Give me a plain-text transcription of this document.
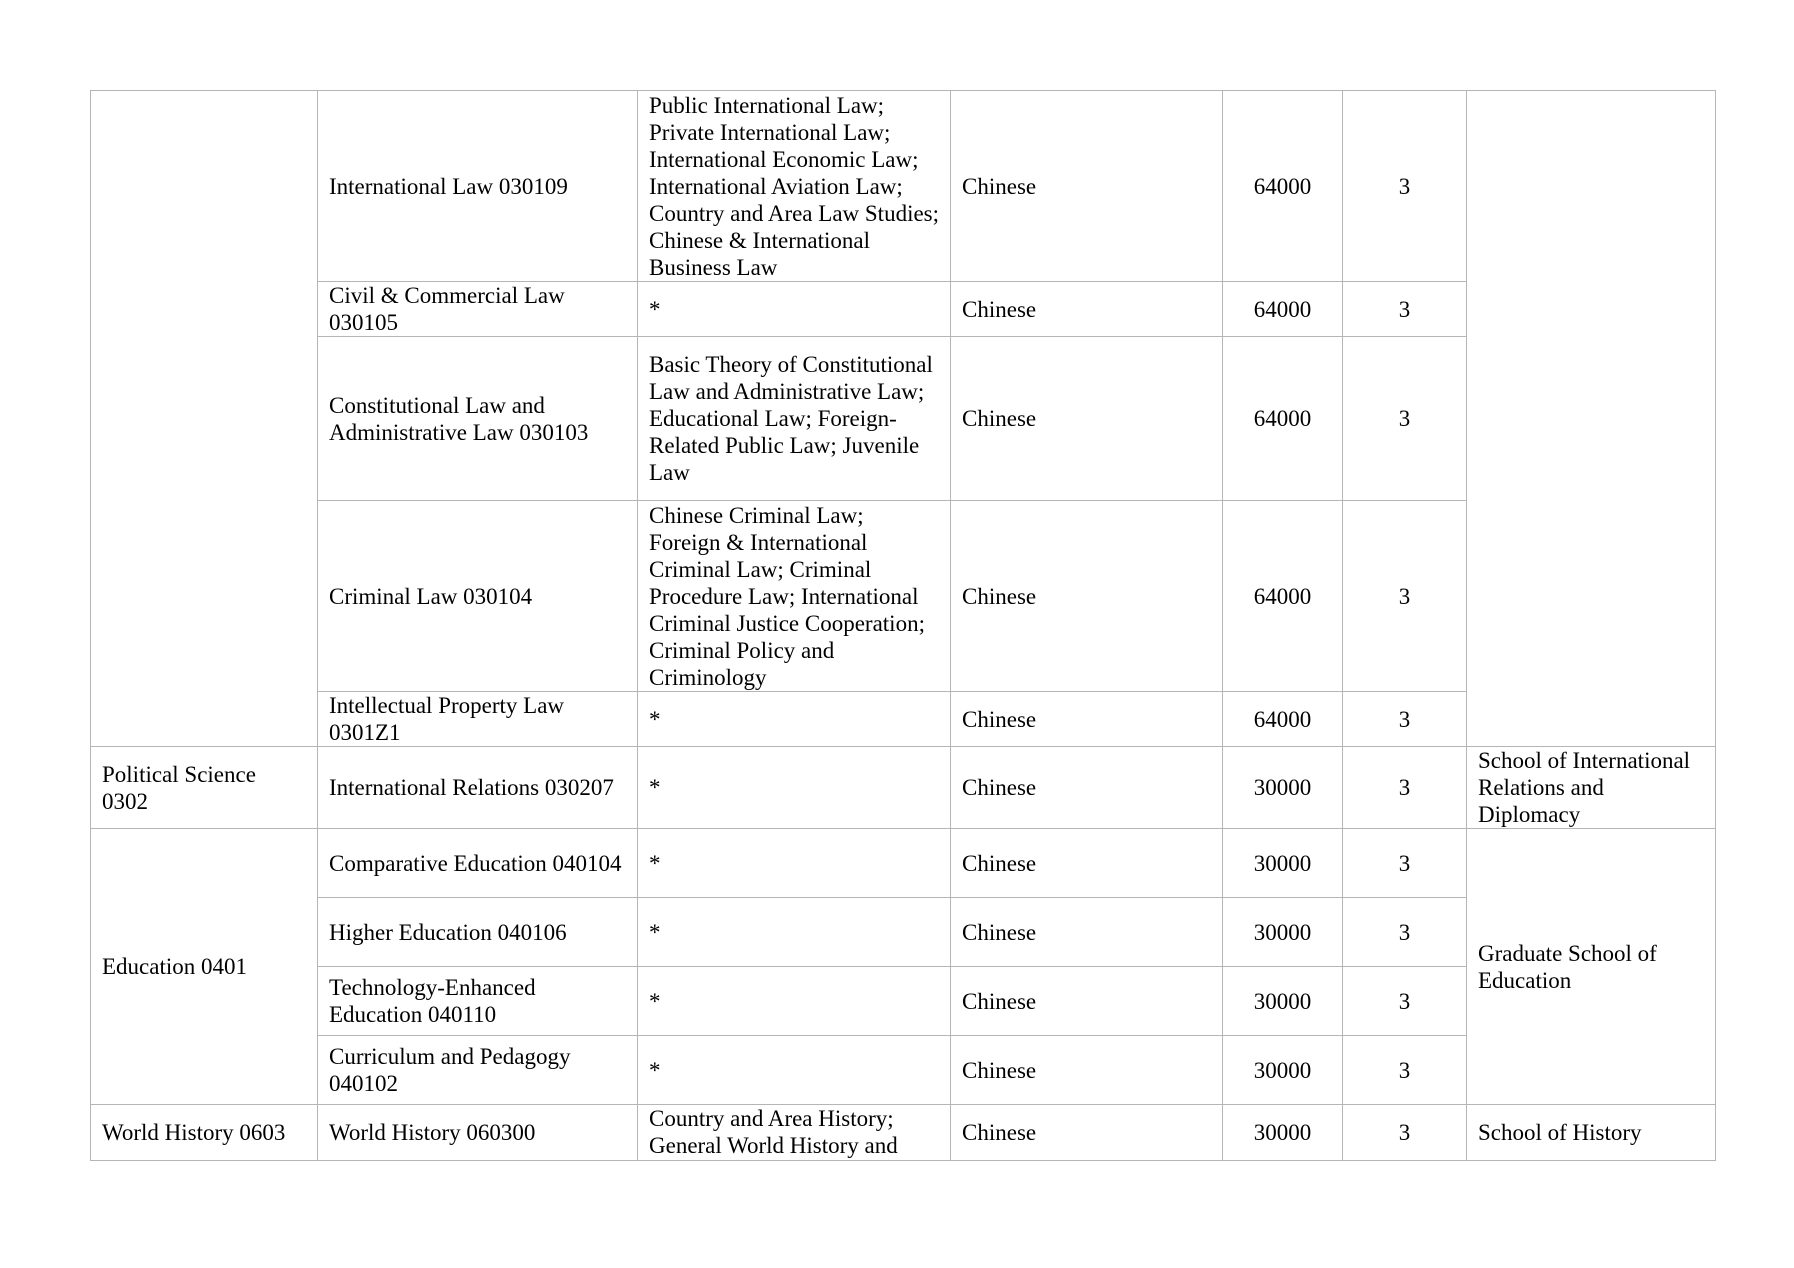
	International Law 030109	Public International Law; Private International Law; International Economic Law; International Aviation Law; Country and Area Law Studies; Chinese & International Business Law	Chinese	64000	3	
	Civil & Commercial Law 030105	*	Chinese	64000	3	
	Constitutional Law and Administrative Law 030103	Basic Theory of Constitutional Law and Administrative Law; Educational Law; Foreign-Related Public Law; Juvenile Law	Chinese	64000	3	
	Criminal Law 030104	Chinese Criminal Law; Foreign & International Criminal Law; Criminal Procedure Law; International Criminal Justice Cooperation; Criminal Policy and Criminology	Chinese	64000	3	
	Intellectual Property Law 0301Z1	*	Chinese	64000	3	
Political Science 0302	International Relations 030207	*	Chinese	30000	3	School of International Relations and Diplomacy
Education 0401	Comparative Education 040104	*	Chinese	30000	3	Graduate School of Education
	Higher Education 040106	*	Chinese	30000	3	
	Technology-Enhanced Education 040110	*	Chinese	30000	3	
	Curriculum and Pedagogy 040102	*	Chinese	30000	3	
World History 0603	World History 060300	Country and Area History; General World History and	Chinese	30000	3	School of History
